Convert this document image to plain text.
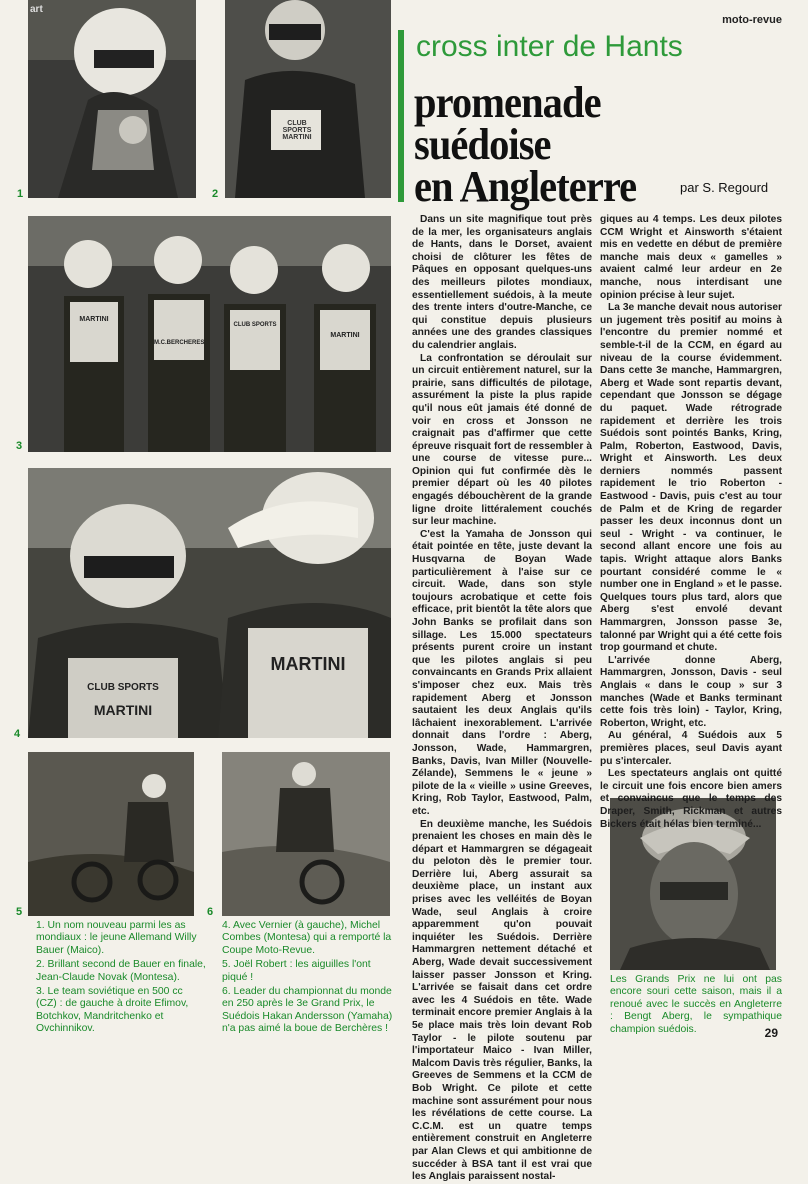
moto-revue
cross inter de Hants
promenade
suédoise
en Angleterre	par S. Regourd
art
1
CLUB SPORTS MARTINI
2
MARTINI
M.C.BERCHERES
CLUB SPORTS
MARTINI
3
CLUB SPORTS
MARTINI
MARTINI
4
5	6

Dans un site magnifique tout près de la mer, les organisateurs anglais de Hants, dans le Dorset, avaient choisi de clôturer les fêtes de Pâques en opposant quelques-uns des meilleurs pilotes mondiaux, essentiellement suédois, à la meute des trente inters d'outre-Manche, ce qui constitue depuis plusieurs années une des grandes classiques du calendrier anglais.

La confrontation se déroulait sur un circuit entièrement naturel, sur la prairie, sans difficultés de pilotage, assurément la piste la plus rapide qu'il nous eût jamais été donné de voir en cross et Jonsson ne craignait pas d'affirmer que cette épreuve risquait fort de ressembler à une course de vitesse pure... Opinion qui fut confirmée dès le premier départ où les 40 pilotes engagés débouchèrent de la grande ligne droite littéralement couchés sur leur machine.

C'est la Yamaha de Jonsson qui était pointée en tête, juste devant la Husqvarna de Boyan Wade particulièrement à l'aise sur ce circuit. Wade, dans son style toujours acrobatique et cette fois efficace, prit bientôt la tête alors que John Banks se profilait dans son sillage. Les 15.000 spectateurs présents purent croire un instant que les pilotes anglais si peu convaincants en Grands Prix allaient s'imposer chez eux. Mais très rapidement Aberg et Jonsson sautaient les deux Anglais qu'ils lâchaient inexorablement. L'arrivée donnait dans l'ordre : Aberg, Jonsson, Wade, Hammargren, Banks, Davis, Ivan Miller (Nouvelle-Zélande), Semmens le « jeune » pilote de la « vieille » usine Greeves, Kring, Rob Taylor, Eastwood, Palm, etc.

En deuxième manche, les Suédois prenaient les choses en main dès le départ et Hammargren se dégageait du peloton dès le premier tour. Derrière lui, Aberg assurait sa deuxième place, un instant aux prises avec les velléités de Boyan Wade, seul Anglais à croire apparemment qu'on pouvait inquiéter les Suédois. Derrière Hammargren nettement détaché et Aberg, Wade devait successivement laisser passer Jonsson et Kring. L'arrivée se faisait dans cet ordre avec les 4 Suédois en tête. Wade terminait encore premier Anglais à la 5e place mais très loin devant Rob Taylor - le pilote soutenu par l'importateur Maico - Ivan Miller, Malcom Davis très régulier, Banks, la Greeves de Semmens et la CCM de Bob Wright. Ce pilote et cette machine sont assurément pour nous les révélations de cette course. La C.C.M. est un quatre temps entièrement construit en Angleterre par Alan Clews et qui ambitionne de succéder à BSA tant il est vrai que les Anglais paraissent nostal-

giques au 4 temps. Les deux pilotes CCM Wright et Ainsworth s'étaient mis en vedette en début de première manche mais deux « gamelles » avaient calmé leur ardeur en 2e manche, nous interdisant une opinion précise à leur sujet.

La 3e manche devait nous autoriser un jugement très positif au moins à l'encontre du premier nommé et semble-t-il de la CCM, en égard au niveau de la course évidemment. Dans cette 3e manche, Hammargren, Aberg et Wade sont repartis devant, cependant que Jonsson se dégage du paquet. Wade rétrograde rapidement et derrière les trois Suédois sont pointés Banks, Kring, Palm, Roberton, Eastwood, Davis, Wright et Ainsworth. Les deux derniers nommés passent rapidement le trio Roberton - Eastwood - Davis, puis c'est au tour de Palm et de Kring de regarder passer les deux inconnus dont un seul - Wright - va continuer, le second allant encore une fois au tapis. Wright attaque alors Banks pourtant considéré comme le « number one in England » et le passe. Quelques tours plus tard, alors que Aberg s'est envolé devant Hammargren, Jonsson passe 3e, talonné par Wright qui a été cette fois trop gourmand et chute.

L'arrivée donne Aberg, Hammargren, Jonsson, Davis - seul Anglais « dans le coup » sur 3 manches (Wade et Banks terminant cette fois très loin) - Taylor, Kring, Roberton, Wright, etc.

Au général, 4 Suédois aux 5 premières places, seul Davis ayant pu s'intercaler.

Les spectateurs anglais ont quitté le circuit une fois encore bien amers et convaincus que le temps des Draper, Smith, Rickman et autres Bickers était hélas bien terminé...

1. Un nom nouveau parmi les as mondiaux : le jeune Allemand Willy Bauer (Maico).

2. Brillant second de Bauer en finale, Jean-Claude Novak (Montesa).

3. Le team soviétique en 500 cc (CZ) : de gauche à droite Efimov, Botchkov, Mandritchenko et Ovchinnikov.

4. Avec Vernier (à gauche), Michel Combes (Montesa) qui a remporté la Coupe Moto-Revue.

5. Joël Robert : les aiguilles l'ont piqué !

6. Leader du championnat du monde en 250 après le 3e Grand Prix, le Suédois Hakan Andersson (Yamaha) n'a pas aimé la boue de Berchères !

Les Grands Prix ne lui ont pas encore souri cette saison, mais il a renoué avec le succès en Angleterre : Bengt Aberg, le sympathique champion suédois.	29
